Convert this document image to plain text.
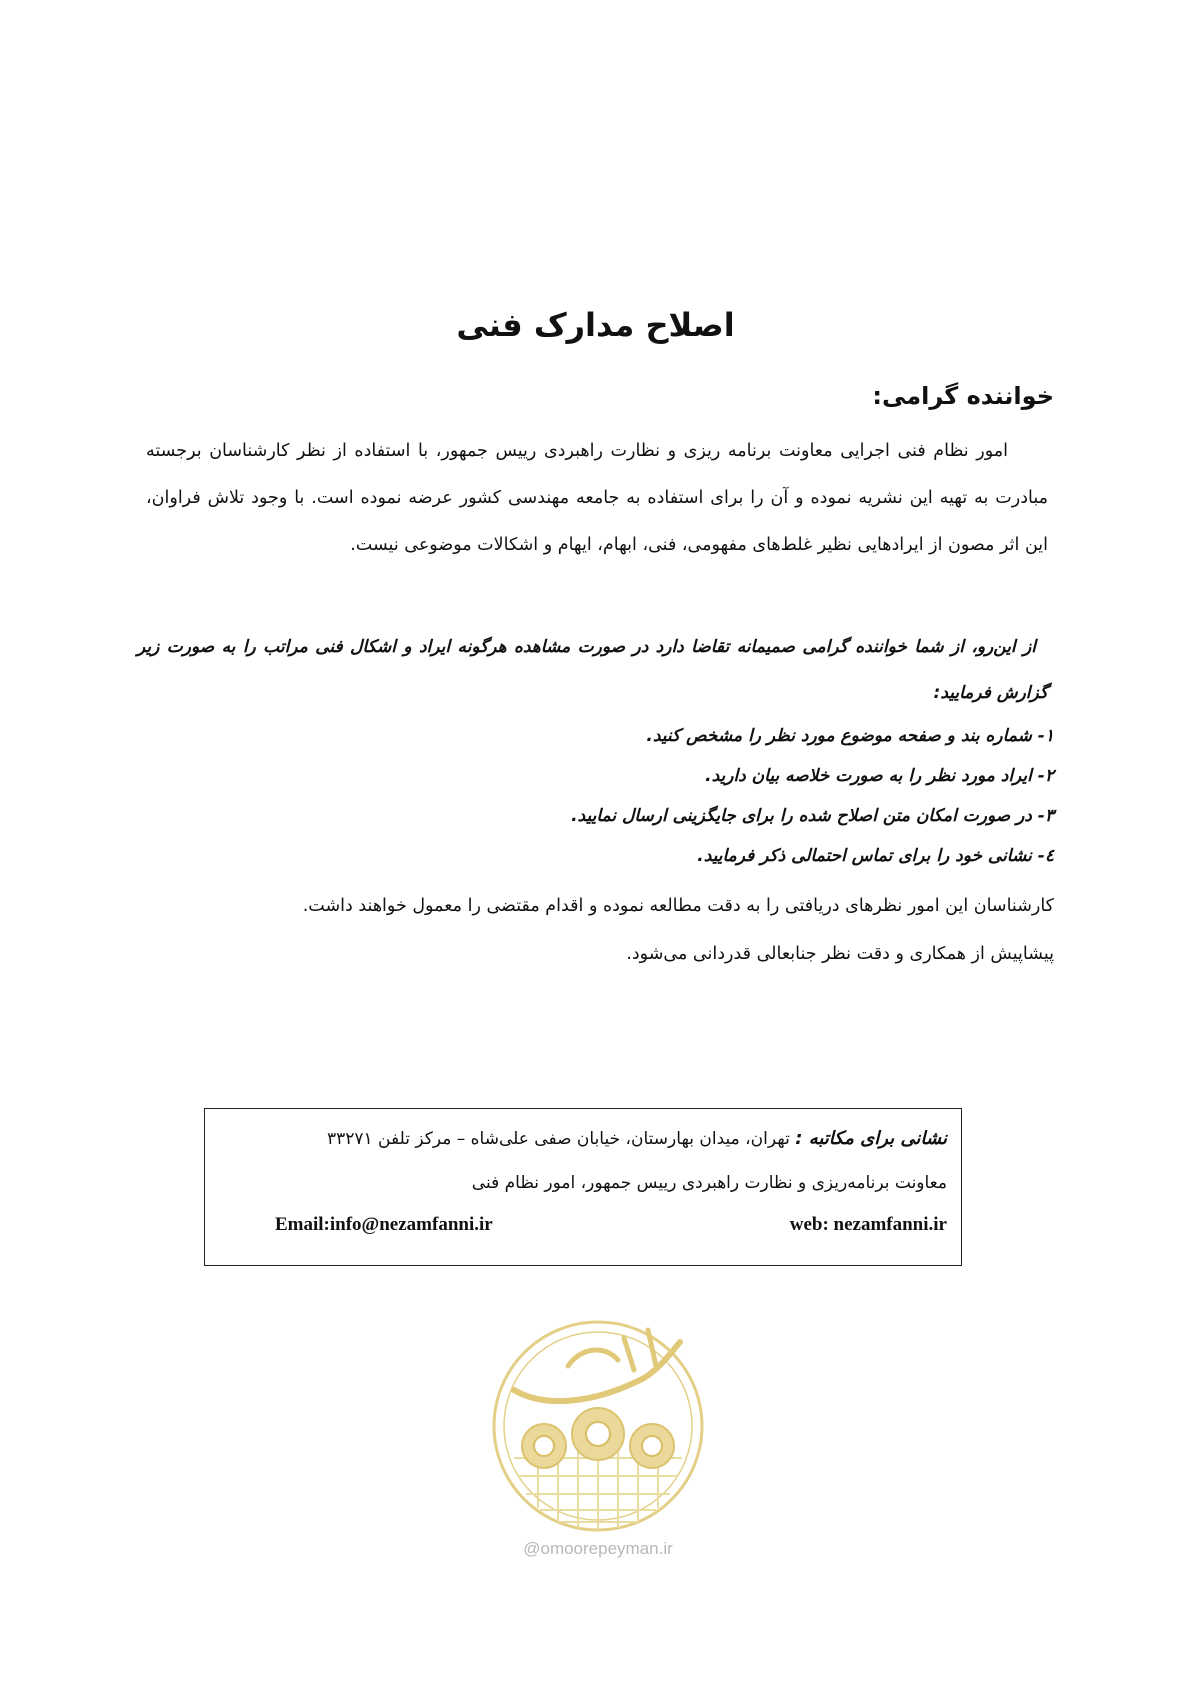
اصلاح مدارک فنی
خواننده گرامی:

امور نظام فنی اجرایی معاونت برنامه ریزی و نظارت راهبردی رییس جمهور، با استفاده از نظر کارشناسان برجسته مبادرت به تهیه این نشریه نموده و آن را برای استفاده به جامعه مهندسی کشور عرضه نموده است. با وجود تلاش فراوان، این اثر مصون از ایرادهایی نظیر غلط‌های مفهومی، فنی، ابهام، ایهام و اشکالات موضوعی نیست.

از این‌رو، از شما خواننده گرامی صمیمانه تقاضا دارد در صورت مشاهده هرگونه ایراد و اشکال فنی مراتب را به صورت زیر گزارش فرمایید:

۱- شماره بند و صفحه موضوع مورد نظر را مشخص کنید.
۲- ایراد مورد نظر را به صورت خلاصه بیان دارید.
۳- در صورت امکان متن اصلاح شده را برای جایگزینی ارسال نمایید.
٤- نشانی خود را برای تماس احتمالی ذکر فرمایید.

کارشناسان این امور نظرهای دریافتی را به دقت مطالعه نموده و اقدام مقتضی را معمول خواهند داشت.

پیشاپیش از همکاری و دقت نظر جنابعالی قدردانی می‌شود.

نشانی برای مکاتبه : تهران، میدان بهارستان، خیابان صفی علی‌شاه – مرکز تلفن ۳۳۲۷۱
معاونت برنامه‌ریزی و نظارت راهبردی رییس جمهور، امور نظام فنی
Email:info@nezamfanni.ir	web: nezamfanni.ir
@omoorepeyman.ir
